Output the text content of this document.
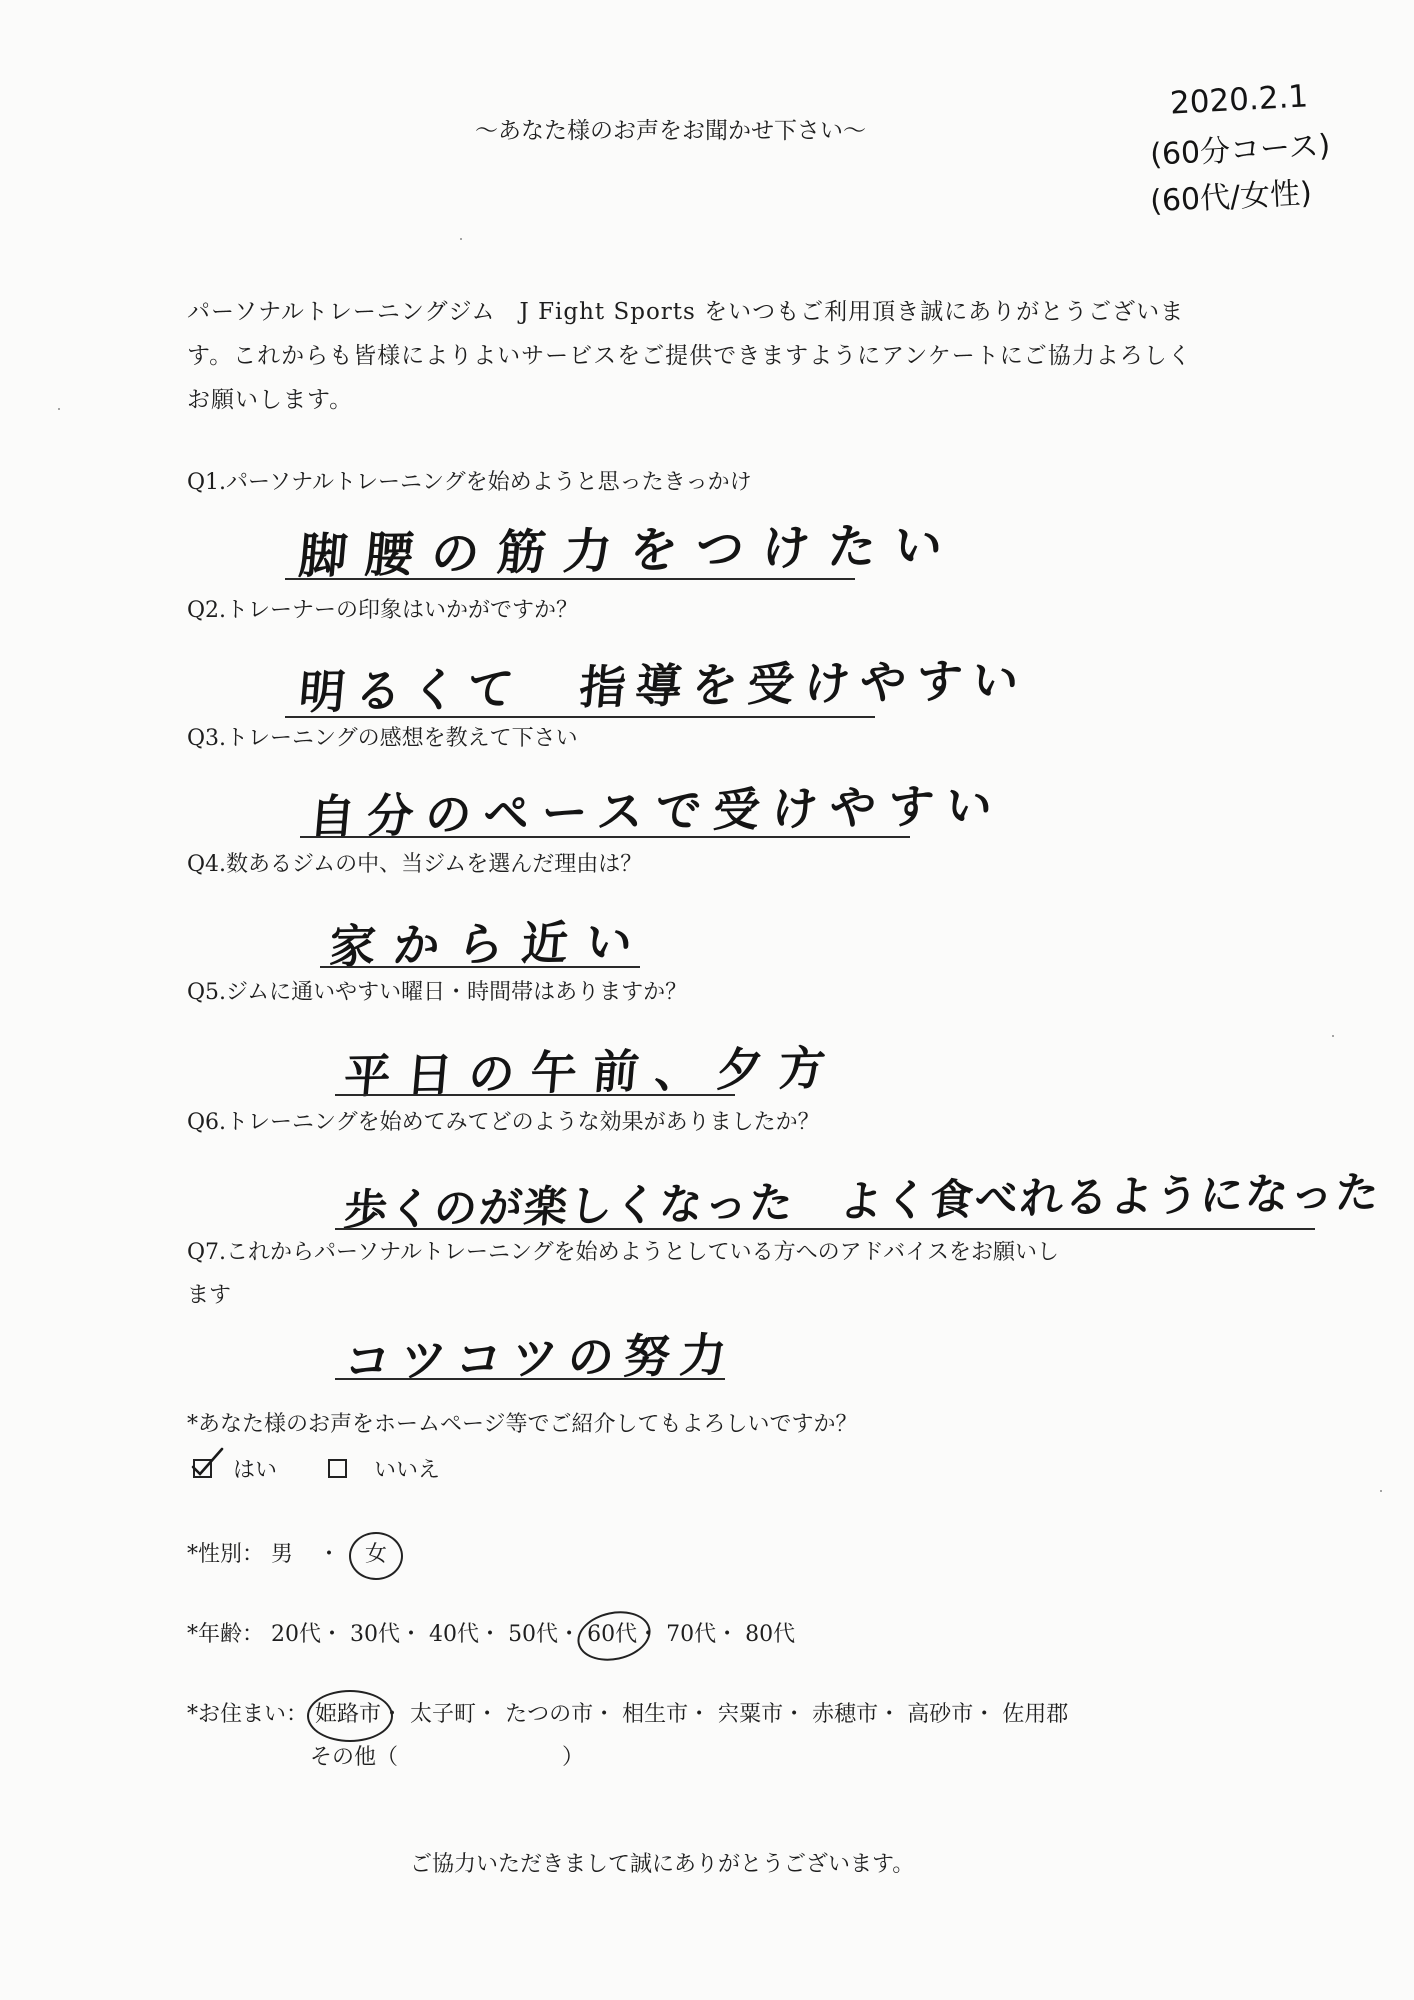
～あなた様のお声をお聞かせ下さい～
2020.2.1
(60分コース)
(60代/女性)
パーソナルトレーニングジム　J Fight Sports をいつもご利用頂き誠にありがとうございます。これからも皆様によりよいサービスをご提供できますようにアンケートにご協力よろしくお願いします。
Q1.パーソナルトレーニングを始めようと思ったきっかけ
脚腰の筋力をつけたい
Q2.トレーナーの印象はいかがですか？
明るくて　指導を受けやすい
Q3.トレーニングの感想を教えて下さい
自分のペースで受けやすい
Q4.数あるジムの中、当ジムを選んだ理由は？
家から近い
Q5.ジムに通いやすい曜日・時間帯はありますか？
平日の午前、夕方
Q6.トレーニングを始めてみてどのような効果がありましたか？
歩くのが楽しくなった　よく食べれるようになった
Q7.これからパーソナルトレーニングを始めようとしている方へのアドバイスをお願いし
ます
コツコツの努力
*あなた様のお声をホームページ等でご紹介してもよろしいですか？
はい	いいえ
*性別： 男 ・ 女
*年齢： 20代・ 30代・ 40代・ 50代・ 60代
・ 70代・ 80代
*お住まい： 姫路市
・ 太子町・ たつの市・ 相生市・ 宍粟市・ 赤穂市・ 高砂市・ 佐用郡
その他（	）
ご協力いただきまして誠にありがとうございます。
